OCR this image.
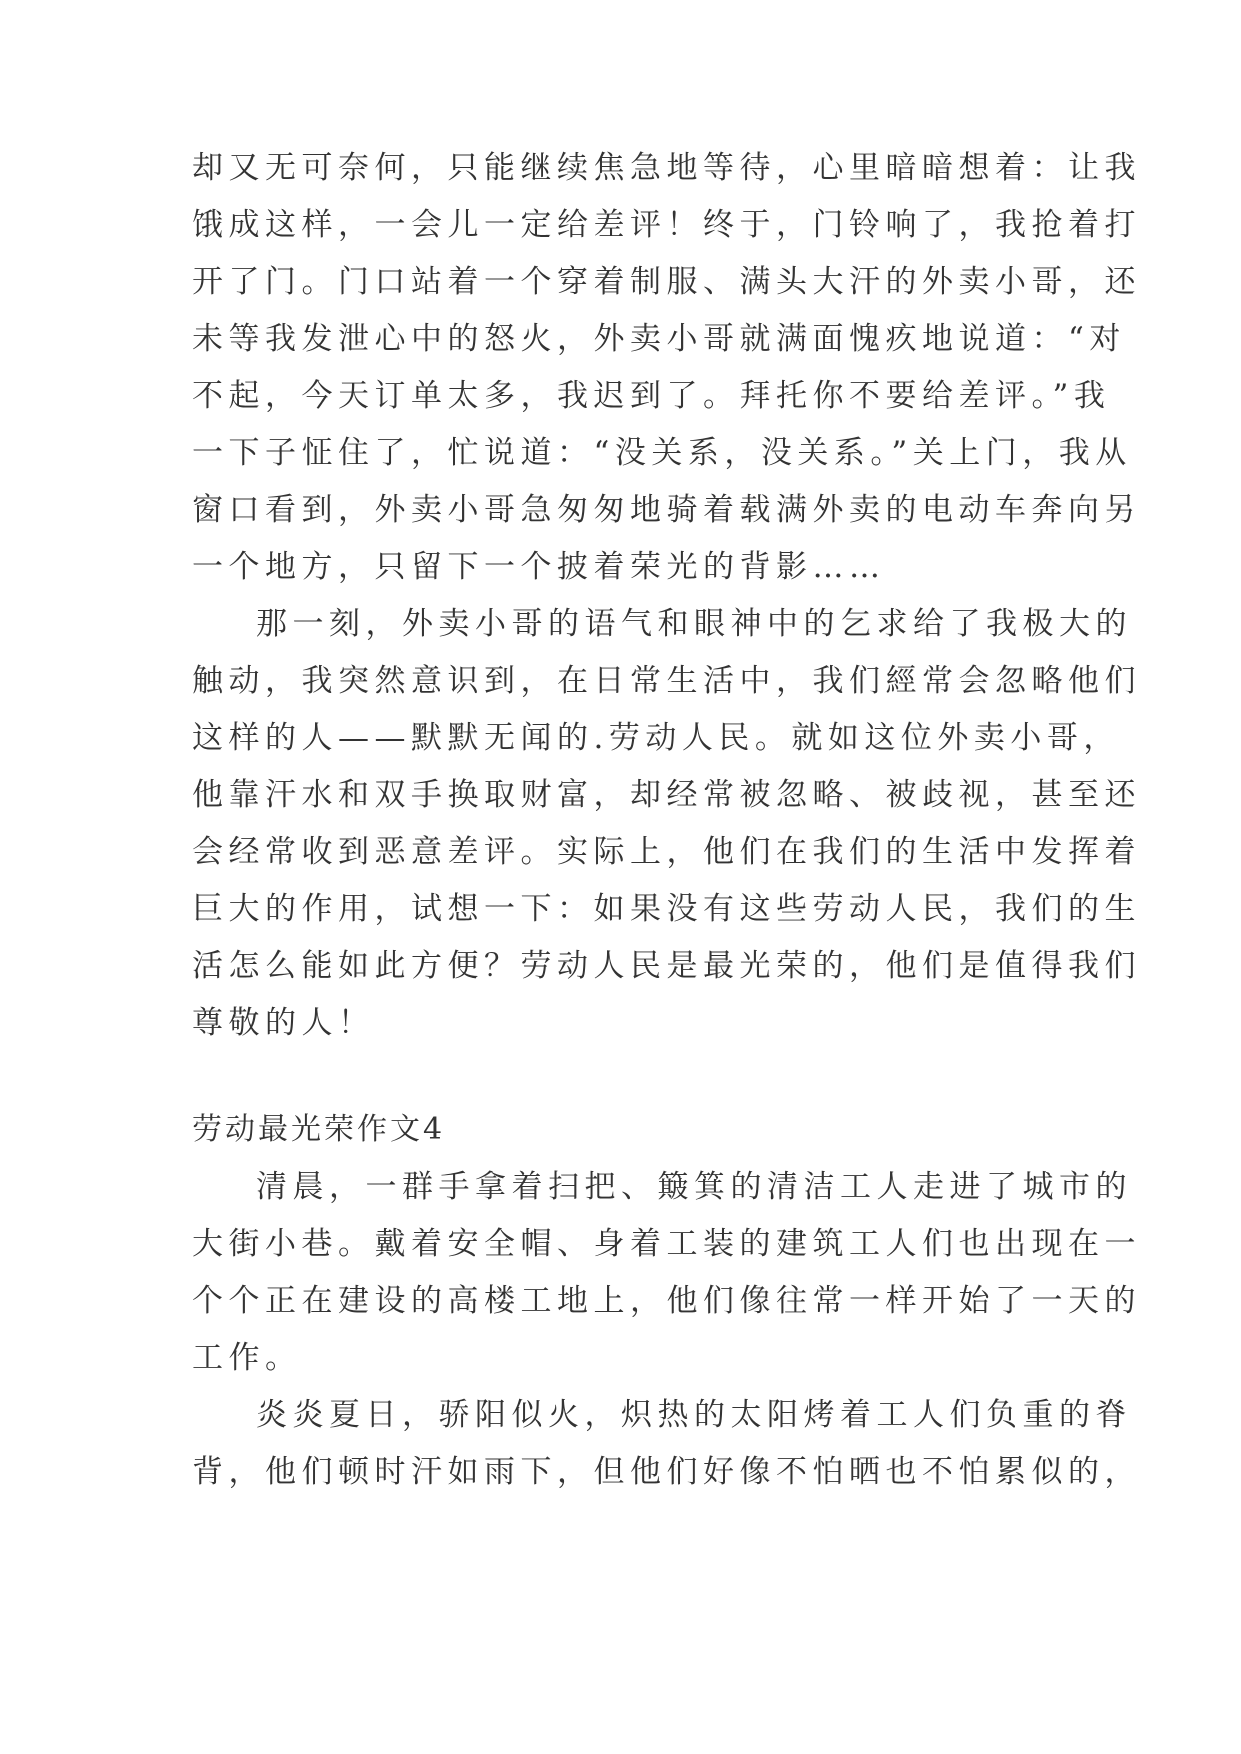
却又无可奈何，只能继续焦急地等待，心里暗暗想着：让我
饿成这样，一会儿一定给差评！终于，门铃响了，我抢着打
开了门。门口站着一个穿着制服、满头大汗的外卖小哥，还
未等我发泄心中的怒火，外卖小哥就满面愧疚地说道：“对
不起，今天订单太多，我迟到了。拜托你不要给差评。”我
一下子怔住了，忙说道：“没关系，没关系。”关上门，我从
窗口看到，外卖小哥急匆匆地骑着载满外卖的电动车奔向另
一个地方，只留下一个披着荣光的背影……
那一刻，外卖小哥的语气和眼神中的乞求给了我极大的
触动，我突然意识到，在日常生活中，我们經常会忽略他们
这样的人——默默无闻的.劳动人民。就如这位外卖小哥，
他靠汗水和双手换取财富，却经常被忽略、被歧视，甚至还
会经常收到恶意差评。实际上，他们在我们的生活中发挥着
巨大的作用，试想一下：如果没有这些劳动人民，我们的生
活怎么能如此方便？劳动人民是最光荣的，他们是值得我们
尊敬的人！
劳动最光荣作文4
清晨，一群手拿着扫把、簸箕的清洁工人走进了城市的
大街小巷。戴着安全帽、身着工装的建筑工人们也出现在一
个个正在建设的高楼工地上，他们像往常一样开始了一天的
工作。
炎炎夏日，骄阳似火，炽热的太阳烤着工人们负重的脊
背，他们顿时汗如雨下，但他们好像不怕晒也不怕累似的，
